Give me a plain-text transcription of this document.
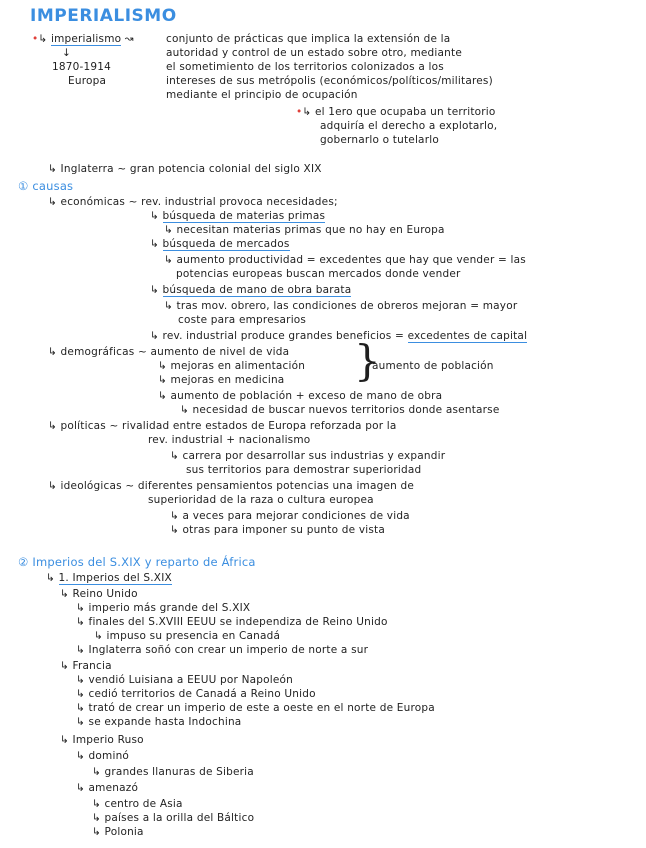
IMPERIALISMO
•↳ imperialismo ↝	conjunto de prácticas que implica la extensión de la
autoridad y control de un estado sobre otro, mediante
el sometimiento de los territorios colonizados a los
intereses de sus metrópolis (económicos/políticos/militares)
mediante el principio de ocupación
↓
1870-1914
Europa
•↳ el 1ero que ocupaba un territorio
adquiría el derecho a explotarlo,
gobernarlo o tutelarlo
↳ Inglaterra ~ gran potencia colonial del siglo XIX
① causas
↳ económicas ~ rev. industrial provoca necesidades;
↳ búsqueda de materias primas
↳ necesitan materias primas que no hay en Europa
↳ búsqueda de mercados
↳ aumento productividad = excedentes que hay que vender = las
potencias europeas buscan mercados donde vender
↳ búsqueda de mano de obra barata
↳ tras mov. obrero, las condiciones de obreros mejoran = mayor
coste para empresarios
↳ rev. industrial produce grandes beneficios = excedentes de capital
↳ demográficas ~ aumento de nivel de vida
↳ mejoras en alimentación
↳ mejoras en medicina }
aumento de población
↳ aumento de población + exceso de mano de obra
↳ necesidad de buscar nuevos territorios donde asentarse
↳ políticas ~ rivalidad entre estados de Europa reforzada por la
rev. industrial + nacionalismo
↳ carrera por desarrollar sus industrias y expandir
sus territorios para demostrar superioridad
↳ ideológicas ~ diferentes pensamientos potencias una imagen de
superioridad de la raza o cultura europea
↳ a veces para mejorar condiciones de vida
↳ otras para imponer su punto de vista
② Imperios del S.XIX y reparto de África
↳ 1. Imperios del S.XIX
↳ Reino Unido
↳ imperio más grande del S.XIX
↳ finales del S.XVIII EEUU se independiza de Reino Unido
↳ impuso su presencia en Canadá
↳ Inglaterra soñó con crear un imperio de norte a sur
↳ Francia
↳ vendió Luisiana a EEUU por Napoleón
↳ cedió territorios de Canadá a Reino Unido
↳ trató de crear un imperio de este a oeste en el norte de Europa
↳ se expande hasta Indochina
↳ Imperio Ruso
↳ dominó
↳ grandes llanuras de Siberia
↳ amenazó
↳ centro de Asia
↳ países a la orilla del Báltico
↳ Polonia
